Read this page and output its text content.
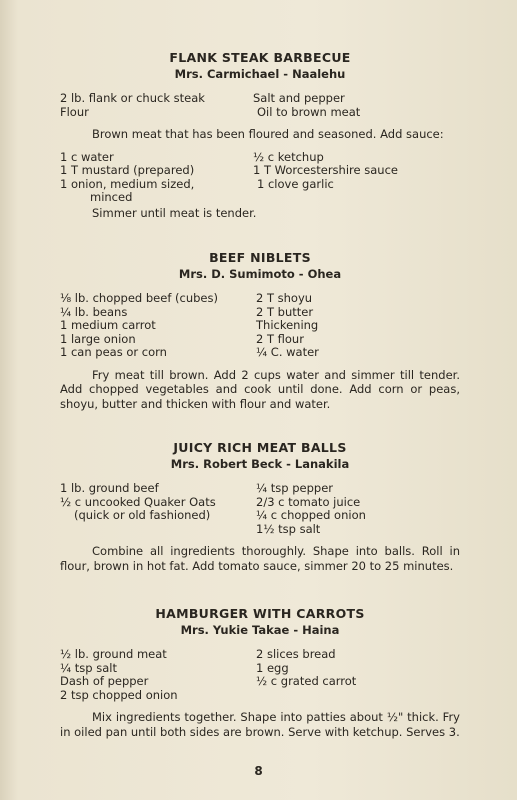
FLANK STEAK BARBECUE

Mrs. Carmichael - Naalehu

2 lb. flank or chuck steak
Flour
Salt and pepper
Oil to brown meat

Brown meat that has been floured and seasoned. Add sauce:

1 c water
1 T mustard (prepared)
1 onion, medium sized,
minced
½ c ketchup
1 T Worcestershire sauce
1 clove garlic

Simmer until meat is tender.

BEEF NIBLETS

Mrs. D. Sumimoto - Ohea

⅛ lb. chopped beef (cubes)
¼ lb. beans
1 medium carrot
1 large onion
1 can peas or corn
2 T shoyu
2 T butter
Thickening
2 T flour
¼ C. water

Fry meat till brown. Add 2 cups water and simmer till tender. Add chopped vegetables and cook until done. Add corn or peas, shoyu, butter and thicken with flour and water.

JUICY RICH MEAT BALLS

Mrs. Robert Beck - Lanakila

1 lb. ground beef
½ c uncooked Quaker Oats
(quick or old fashioned)
¼ tsp pepper
2/3 c tomato juice
¼ c chopped onion
1½ tsp salt

Combine all ingredients thoroughly. Shape into balls. Roll in flour, brown in hot fat. Add tomato sauce, simmer 20 to 25 minutes.

HAMBURGER WITH CARROTS

Mrs. Yukie Takae - Haina

½ lb. ground meat
¼ tsp salt
Dash of pepper
2 tsp chopped onion
2 slices bread
1 egg
½ c grated carrot

Mix ingredients together. Shape into patties about ½" thick. Fry in oiled pan until both sides are brown. Serve with ketchup. Serves 3.

8
